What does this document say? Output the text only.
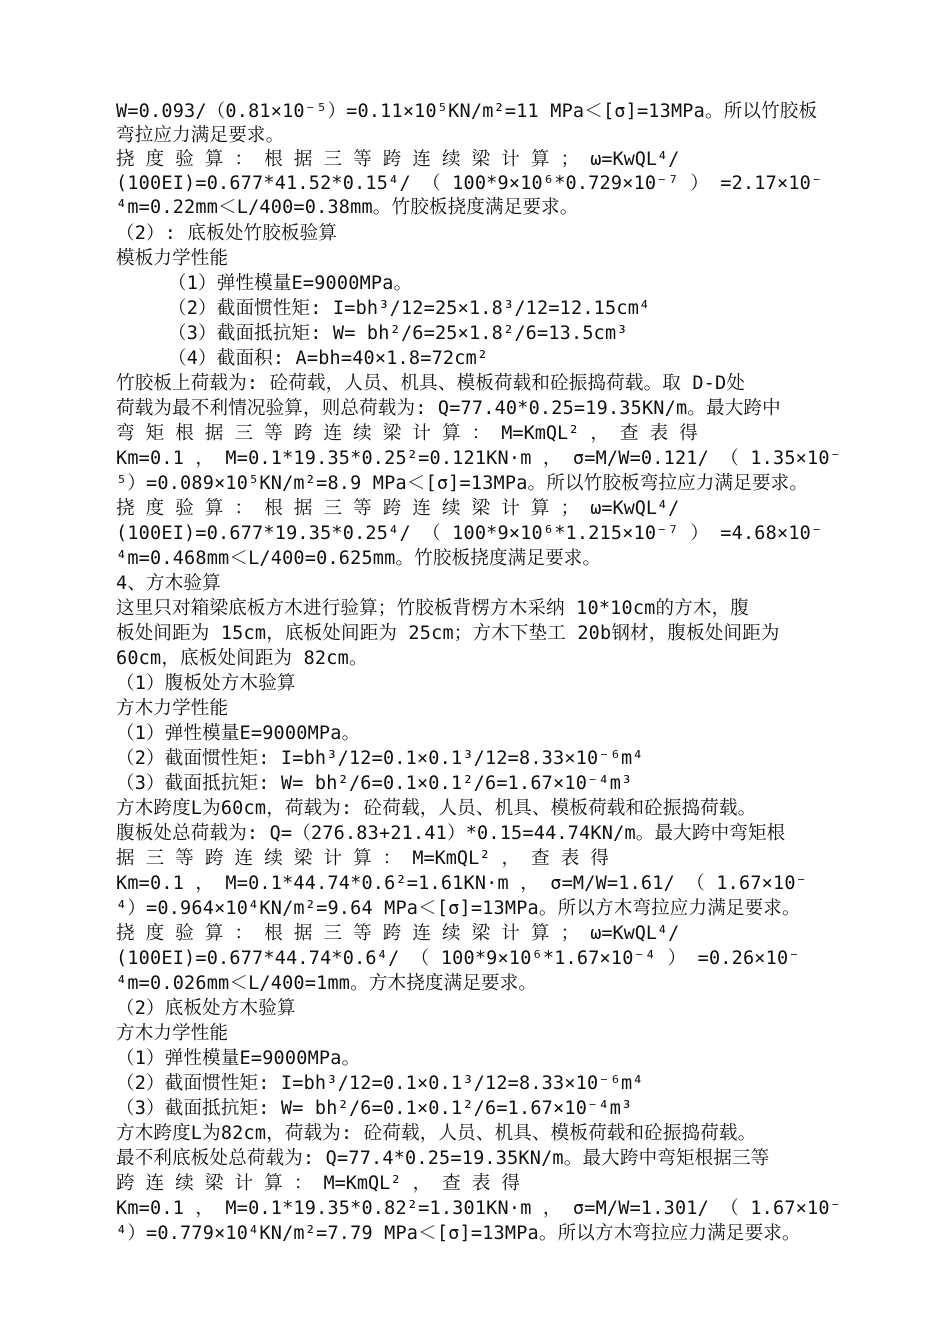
W=0.093/（0.81×10⁻⁵）=0.11×10⁵KN/m²=11 MPa＜[σ]=13MPa。所以竹胶板
弯拉应力满足要求。
挠 度 验 算 ： 根 据 三 等 跨 连 续 梁 计 算 ； ω=KwQL⁴/
(100EI)=0.677*41.52*0.15⁴/ （ 100*9×10⁶*0.729×10⁻⁷ ） =2.17×10⁻
⁴m=0.22mm＜L/400=0.38mm。竹胶板挠度满足要求。
（2）: 底板处竹胶板验算
模板力学性能
（1）弹性模量E=9000MPa。
（2）截面惯性矩: I=bh³/12=25×1.8³/12=12.15cm⁴
（3）截面抵抗矩: W= bh²/6=25×1.8²/6=13.5cm³
（4）截面积: A=bh=40×1.8=72cm²
竹胶板上荷载为: 砼荷载，人员、机具、模板荷载和砼振捣荷载。取 D-D处
荷载为最不利情况验算，则总荷载为: Q=77.40*0.25=19.35KN/m。最大跨中
弯 矩 根 据 三 等 跨 连 续 梁 计 算 ： M=KmQL² ， 查 表 得
Km=0.1 ， M=0.1*19.35*0.25²=0.121KN·m ， σ=M/W=0.121/ （ 1.35×10⁻
⁵）=0.089×10⁵KN/m²=8.9 MPa＜[σ]=13MPa。所以竹胶板弯拉应力满足要求。
挠 度 验 算 ： 根 据 三 等 跨 连 续 梁 计 算 ； ω=KwQL⁴/
(100EI)=0.677*19.35*0.25⁴/ （ 100*9×10⁶*1.215×10⁻⁷ ） =4.68×10⁻
⁴m=0.468mm＜L/400=0.625mm。竹胶板挠度满足要求。
4、方木验算
这里只对箱梁底板方木进行验算；竹胶板背楞方木采纳 10*10cm的方木，腹
板处间距为 15cm，底板处间距为 25cm；方木下垫工 20b钢材，腹板处间距为
60cm，底板处间距为 82cm。
（1）腹板处方木验算
方木力学性能
（1）弹性模量E=9000MPa。
（2）截面惯性矩: I=bh³/12=0.1×0.1³/12=8.33×10⁻⁶m⁴
（3）截面抵抗矩: W= bh²/6=0.1×0.1²/6=1.67×10⁻⁴m³
方木跨度L为60cm，荷载为: 砼荷载，人员、机具、模板荷载和砼振捣荷载。
腹板处总荷载为: Q=（276.83+21.41）*0.15=44.74KN/m。最大跨中弯矩根
据 三 等 跨 连 续 梁 计 算 ： M=KmQL² ， 查 表 得
Km=0.1 ， M=0.1*44.74*0.6²=1.61KN·m ， σ=M/W=1.61/ （ 1.67×10⁻
⁴）=0.964×10⁴KN/m²=9.64 MPa＜[σ]=13MPa。所以方木弯拉应力满足要求。
挠 度 验 算 ： 根 据 三 等 跨 连 续 梁 计 算 ； ω=KwQL⁴/
(100EI)=0.677*44.74*0.6⁴/ （ 100*9×10⁶*1.67×10⁻⁴ ） =0.26×10⁻
⁴m=0.026mm＜L/400=1mm。方木挠度满足要求。
（2）底板处方木验算
方木力学性能
（1）弹性模量E=9000MPa。
（2）截面惯性矩: I=bh³/12=0.1×0.1³/12=8.33×10⁻⁶m⁴
（3）截面抵抗矩: W= bh²/6=0.1×0.1²/6=1.67×10⁻⁴m³
方木跨度L为82cm，荷载为: 砼荷载，人员、机具、模板荷载和砼振捣荷载。
最不利底板处总荷载为: Q=77.4*0.25=19.35KN/m。最大跨中弯矩根据三等
跨 连 续 梁 计 算 ： M=KmQL² ， 查 表 得
Km=0.1 ， M=0.1*19.35*0.82²=1.301KN·m ， σ=M/W=1.301/ （ 1.67×10⁻
⁴）=0.779×10⁴KN/m²=7.79 MPa＜[σ]=13MPa。所以方木弯拉应力满足要求。
